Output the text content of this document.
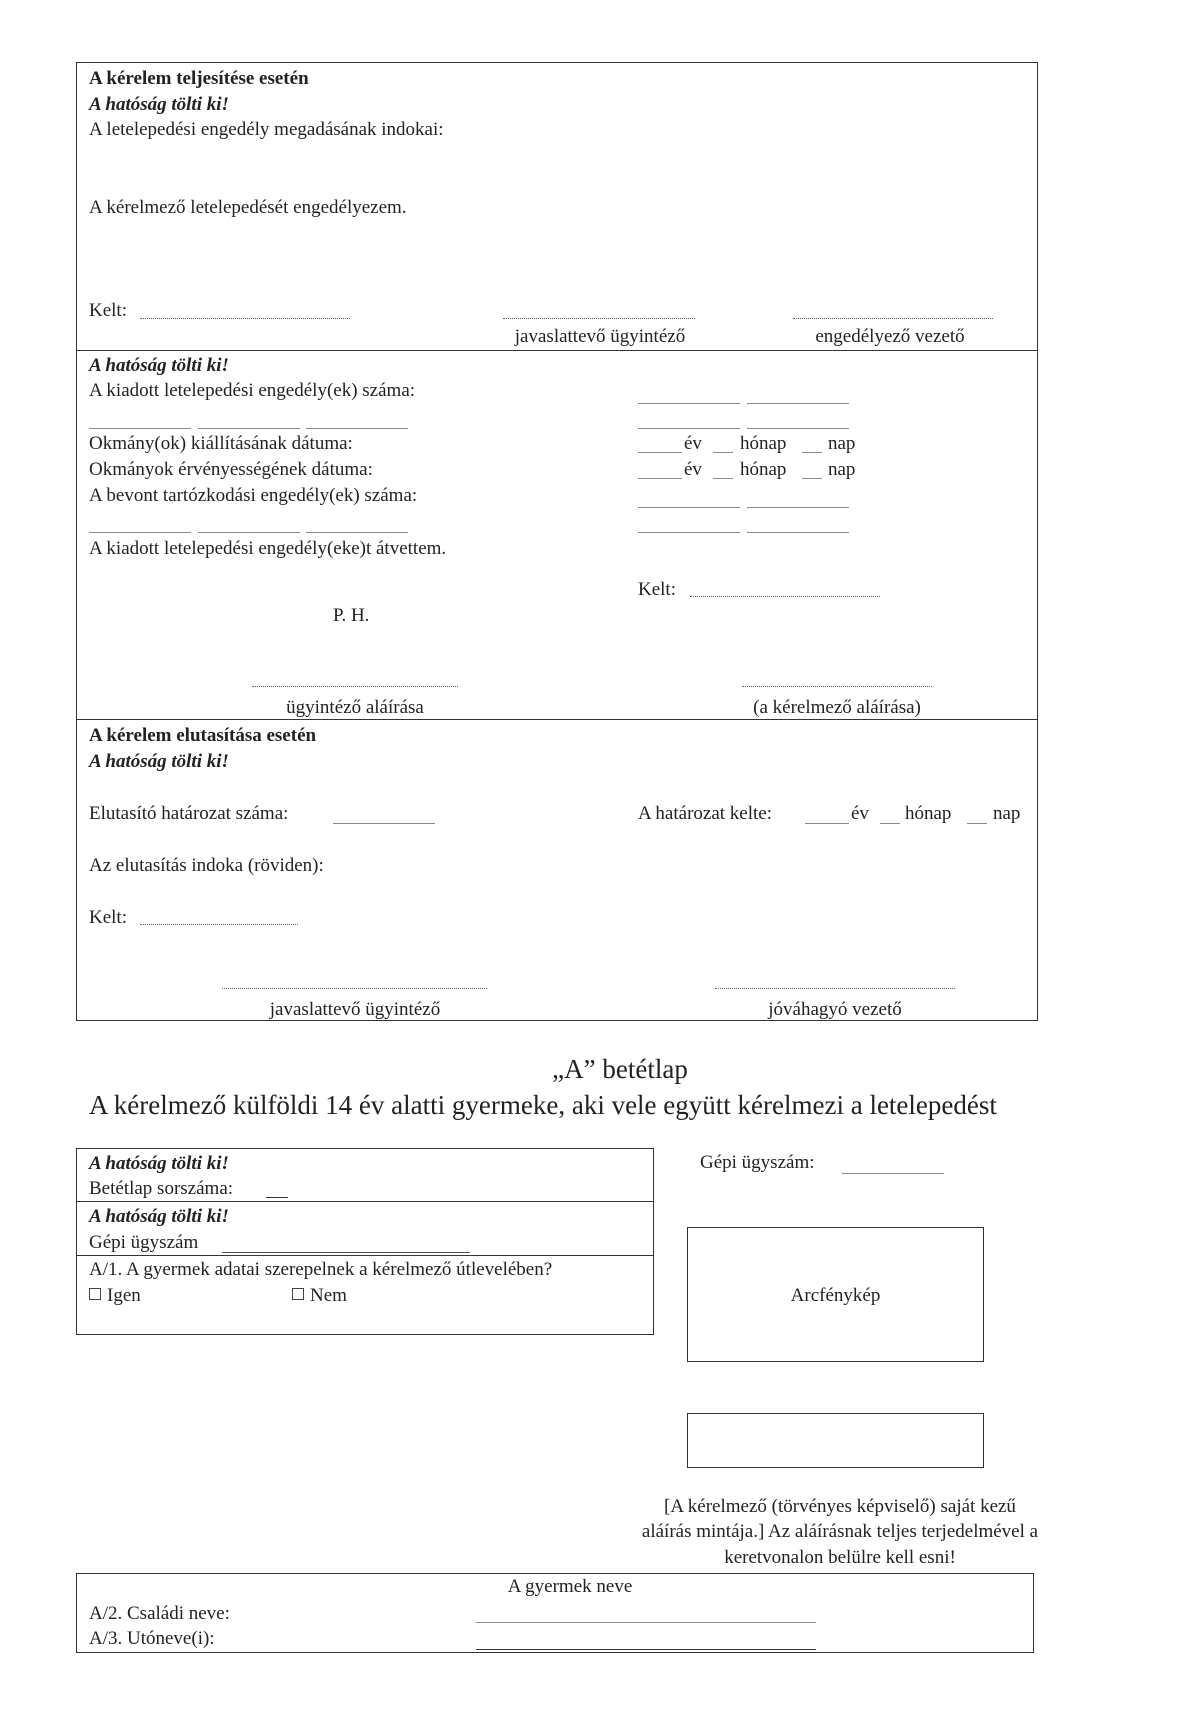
A kérelem teljesítése esetén
A hatóság tölti ki!
A letelepedési engedély megadásának indokai:
A kérelmező letelepedését engedélyezem.
Kelt:
javaslattevő ügyintéző	engedélyező vezető
A hatóság tölti ki!
A kiadott letelepedési engedély(ek) száma:
Okmány(ok) kiállításának dátuma:
Okmányok érvényességének dátuma:
év hónap nap
év hónap nap
A bevont tartózkodási engedély(ek) száma:
A kiadott letelepedési engedély(eke)t átvettem.
Kelt:
P. H.
ügyintéző aláírása	(a kérelmező aláírása)
A kérelem elutasítása esetén
A hatóság tölti ki!
Elutasító határozat száma:	A határozat kelte:	év hónap nap
Az elutasítás indoka (röviden):
Kelt:
javaslattevő ügyintéző	jóváhagyó vezető
„A” betétlap
A kérelmező külföldi 14 év alatti gyermeke, aki vele együtt kérelmezi a letelepedést
A hatóság tölti ki!
Betétlap sorszáma:
A hatóság tölti ki!
Gépi ügyszám
A/1. A gyermek adatai szerepelnek a kérelmező útlevelében?
Igen	Nem
Gépi ügyszám:
Arcfénykép
[A kérelmező (törvényes képviselő) saját kezű
aláírás mintája.] Az aláírásnak teljes terjedelmével a
keretvonalon belülre kell esni!
A gyermek neve
A/2. Családi neve:
A/3. Utóneve(i):
